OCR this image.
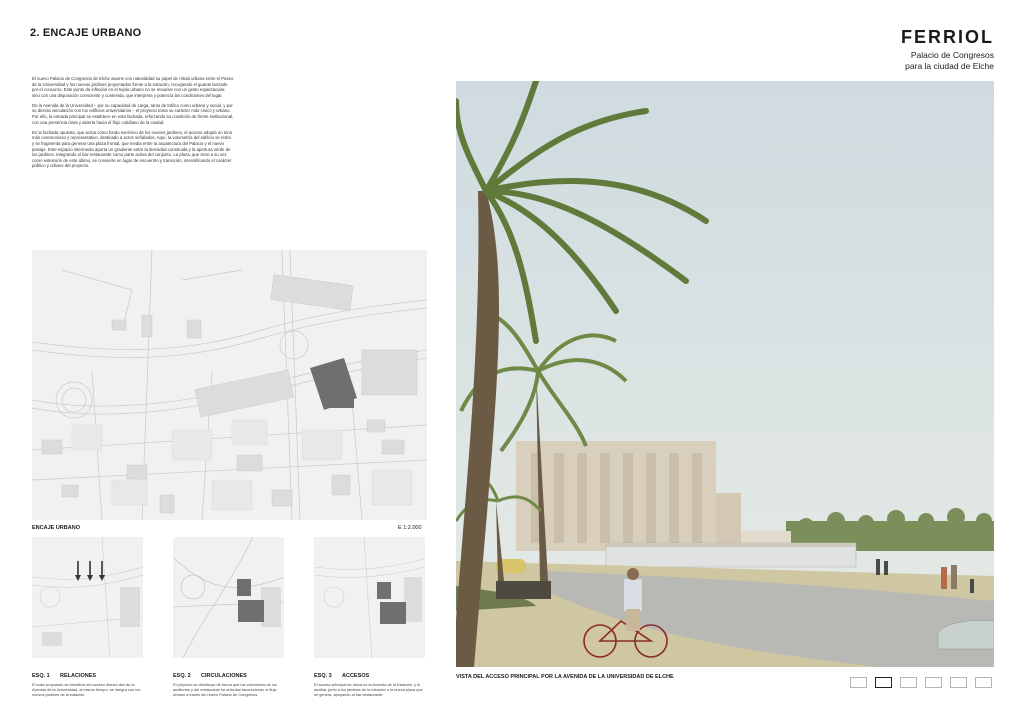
2. ENCAJE URBANO	FERRIOL
Palacio de Congresos
para la ciudad de Elche

El nuevo Palacio de Congresos de Elche asume con naturalidad su papel de rótula urbana entre el Paseo de la Universidad y los nuevos jardines proyectados frente a la estación, recogiendo el guante lanzado por el concurso. Este punto de inflexión en el tejido urbano no se resuelve con un gesto espectacular, sino con una disposición consciente y contenida, que interpreta y potencia las condiciones del lugar.

De la Avenida de la Universidad – por su capacidad de carga, tanto de tráfico como urbana y social, y por su directa vinculación con los edificios universitarios – el proyecto toma su carácter más cívico y urbano. Por ello, la entrada principal se establece en esta fachada, reforzando su condición de frente institucional, con una presencia clara y abierta hacia el flujo cotidiano de la ciudad.

En la fachada opuesta, que actúa como fondo escénico de los nuevos jardines, el acceso adopta un tono más ceremonioso y representativo, destinado a actos señalados. Aquí, la volumetría del edificio se retira y se fragmenta para generar una plaza frontal, que media entre la arquitectura del Palacio y el nuevo paisaje. Este espacio intermedio aporta un gradiente entre la densidad construida y la apertura verde de los jardines, integrando el bar-restaurante como parte activa del conjunto. La plaza, que sirve a su vez como extensión de este último, se convierte en lugar de encuentro y transición, intensificando el carácter público y urbano del proyecto.

ENCAJE URBANO	E 1:2.000
ESQ. 1 RELACIONES
El solar propuesto se beneficia del acceso directo des de la Avenida de la Universidad, al mismo tiempo, se integra con los nuevos jardines de la estación.
ESQ. 2 CIRCULACIONES
El proyecto se distribuye de forma que los volúmenes de los auditorios y del restaurante se articulan favoreciendo el flujo urbano a través del nuevo Palacio de Congresos.
ESQ. 3 ACCESOS
El acceso principal se ubica en la Avenida de la Estación, y el auxiliar, junto a los jardines de la estación o la nueva plaza que se genera, apoyando al bar-restaurante.
VISTA DEL ACCESO PRINCIPAL POR LA AVENIDA DE LA UNIVERSIDAD DE ELCHE
